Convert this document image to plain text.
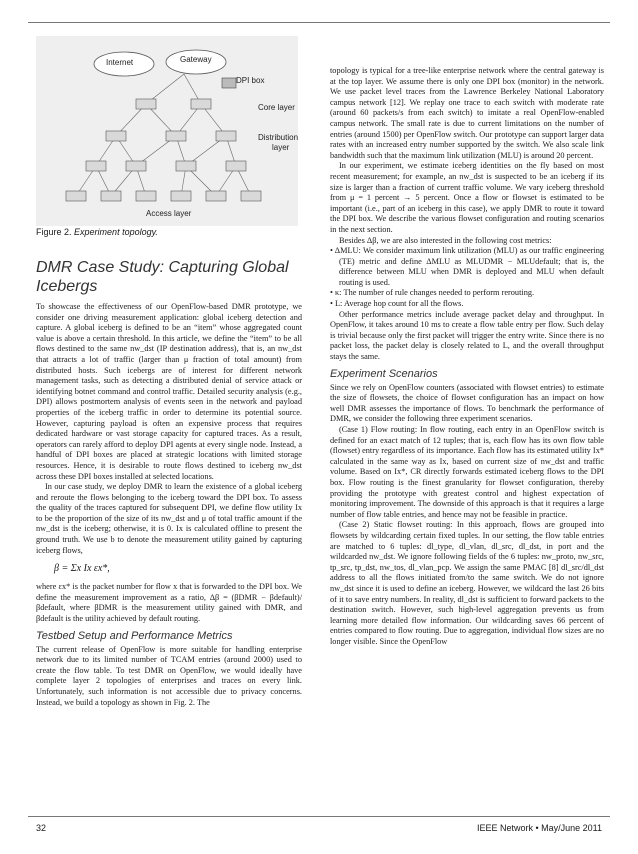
Internet	Gateway
DPI box
Core layer
Distribution
layer
Access layer
Figure 2. Experiment topology.
DMR Case Study: Capturing Global Icebergs

To showcase the effectiveness of our OpenFlow-based DMR prototype, we consider one driving measurement application: global iceberg detection and capture. A global iceberg is defined to be an “item” whose aggregated count value is above a certain threshold. In this article, we define the “item” to be all flows destined to the same nw_dst (IP destination address), that is, an nw_dst that attracts a lot of traffic (larger than μ fraction of total amount) from distributed hosts. Such icebergs are of interest for different network management tasks, such as detecting a distributed denial of service attack or identifying botnet command and control traffic. Detailed security analysis (e.g., DPI) allows postmortem analysis of events seen in the network and payload properties of the iceberg traffic in order to determine its potential source. However, capturing payload is often an expensive process that requires dedicated hardware or vast storage capacity for captured traces. As a result, operators can rarely afford to deploy DPI agents at every single node. Instead, a handful of DPI boxes are placed at strategic locations with limited storage resources. Hence, it is desirable to route flows destined to iceberg nw_dst across these DPI boxes installed at selected locations.

In our case study, we deploy DMR to learn the existence of a global iceberg and reroute the flows belonging to the iceberg toward the DPI box. To assess the quality of the traces captured for subsequent DPI, we define flow utility Ix to be the proportion of the size of its nw_dst and μ of total traffic amount if the nw_dst is the iceberg; otherwise, it is 0. Ix is calculated offline to present the ground truth. We use b to denote the measurement utility gained by capturing iceberg flows,

β = Σx Ix εx*,

where εx* is the packet number for flow x that is forwarded to the DPI box. We define the measurement improvement as a ratio, Δβ = (βDMR − βdefault)/βdefault, where βDMR is the measurement utility gained with DMR, and βdefault is the utility achieved by default routing.

Testbed Setup and Performance Metrics

The current release of OpenFlow is more suitable for handling enterprise network due to its limited number of TCAM entries (around 2000) used to create the flow table. To test DMR on OpenFlow, we would ideally have complete layer 2 topologies of enterprises and traces on every link. Unfortunately, such information is not accessible due to privacy concerns. Instead, we build a topology as shown in Fig. 2. The

topology is typical for a tree-like enterprise network where the central gateway is at the top layer. We assume there is only one DPI box (monitor) in the network. We use packet level traces from the Lawrence Berkeley National Laboratory campus network [12]. We replay one trace to each switch with moderate rate (around 60 packets/s from each switch) to imitate a real OpenFlow-enabled campus network. The small rate is due to current limitations on the number of entries (around 1500) per OpenFlow switch. Our prototype can support larger data rates with an increased entry number supported by the switch. We also scale link bandwidth such that the maximum link utilization (MLU) is around 20 percent.

In our experiment, we estimate iceberg identities on the fly based on most recent measurement; for example, an nw_dst is suspected to be an iceberg if its size is larger than a fraction of current traffic volume. We vary iceberg threshold from μ = 1 percent → 5 percent. Once a flow or flowset is estimated to be important (i.e., part of an iceberg in this case), we apply DMR to route it toward the DPI box. We describe the various flowset configuration and routing scenarios in the next section.

Besides Δβ, we are also interested in the following cost metrics:

• ΔMLU: We consider maximum link utilization (MLU) as our traffic engineering (TE) metric and define ΔMLU as MLUDMR − MLUdefault; that is, the difference between MLU when DMR is deployed and MLU when default routing is used.
• κ: The number of rule changes needed to perform rerouting.
• L: Average hop count for all the flows.

Other performance metrics include average packet delay and throughput. In OpenFlow, it takes around 10 ms to create a flow table entry per flow. Such delay is trivial because only the first packet will trigger the entry write. Since there is no packet loss, the packet delay is closely related to L, and the overall throughput stays the same.

Experiment Scenarios

Since we rely on OpenFlow counters (associated with flowset entries) to estimate the size of flowsets, the choice of flowset configuration has an impact on how well DMR assesses the importance of flows. To benchmark the performance of DMR, we consider the following three experiment scenarios.

(Case 1) Flow routing: In flow routing, each entry in an OpenFlow switch is defined for an exact match of 12 tuples; that is, each flow has its own flow table (flowset) entry regardless of its importance. Each flow has its estimated utility Ix* calculated in the same way as Ix, based on current size of nw_dst and traffic volume. Based on Ix*, CR directly forwards estimated iceberg flows to the DPI box. Flow routing is the finest granularity for flowset configuration, thereby providing the prototype with greatest control and highest expectation of monitoring improvement. The downside of this approach is that it requires a large number of flow table entries, and hence may not be feasible in practice.

(Case 2) Static flowset routing: In this approach, flows are grouped into flowsets by wildcarding certain fixed tuples. In our setting, the flow table entries are matched to 6 tuples: dl_type, dl_vlan, dl_src, dl_dst, in port and the wildcarded nw_dst. We ignore following fields of the 6 tuples: nw_proto, nw_src, tp_src, tp_dst, nw_tos, dl_vlan_pcp. We assign the same PMAC [8] dl_src/dl_dst address to all the flows initiated from/to the same switch. We do not ignore nw_dst since it is used to define an iceberg. However, we wildcard the last 26 bits of it to save entry numbers. In reality, dl_dst is sufficient to forward packets to the destination switch. However, such high-level aggregation prevents us from learning more detailed flow information. Our wildcarding saves 66 percent of entries compared to flow routing. Due to aggregation, individual flow sizes are no longer visible. Since the OpenFlow

32	IEEE Network • May/June 2011
